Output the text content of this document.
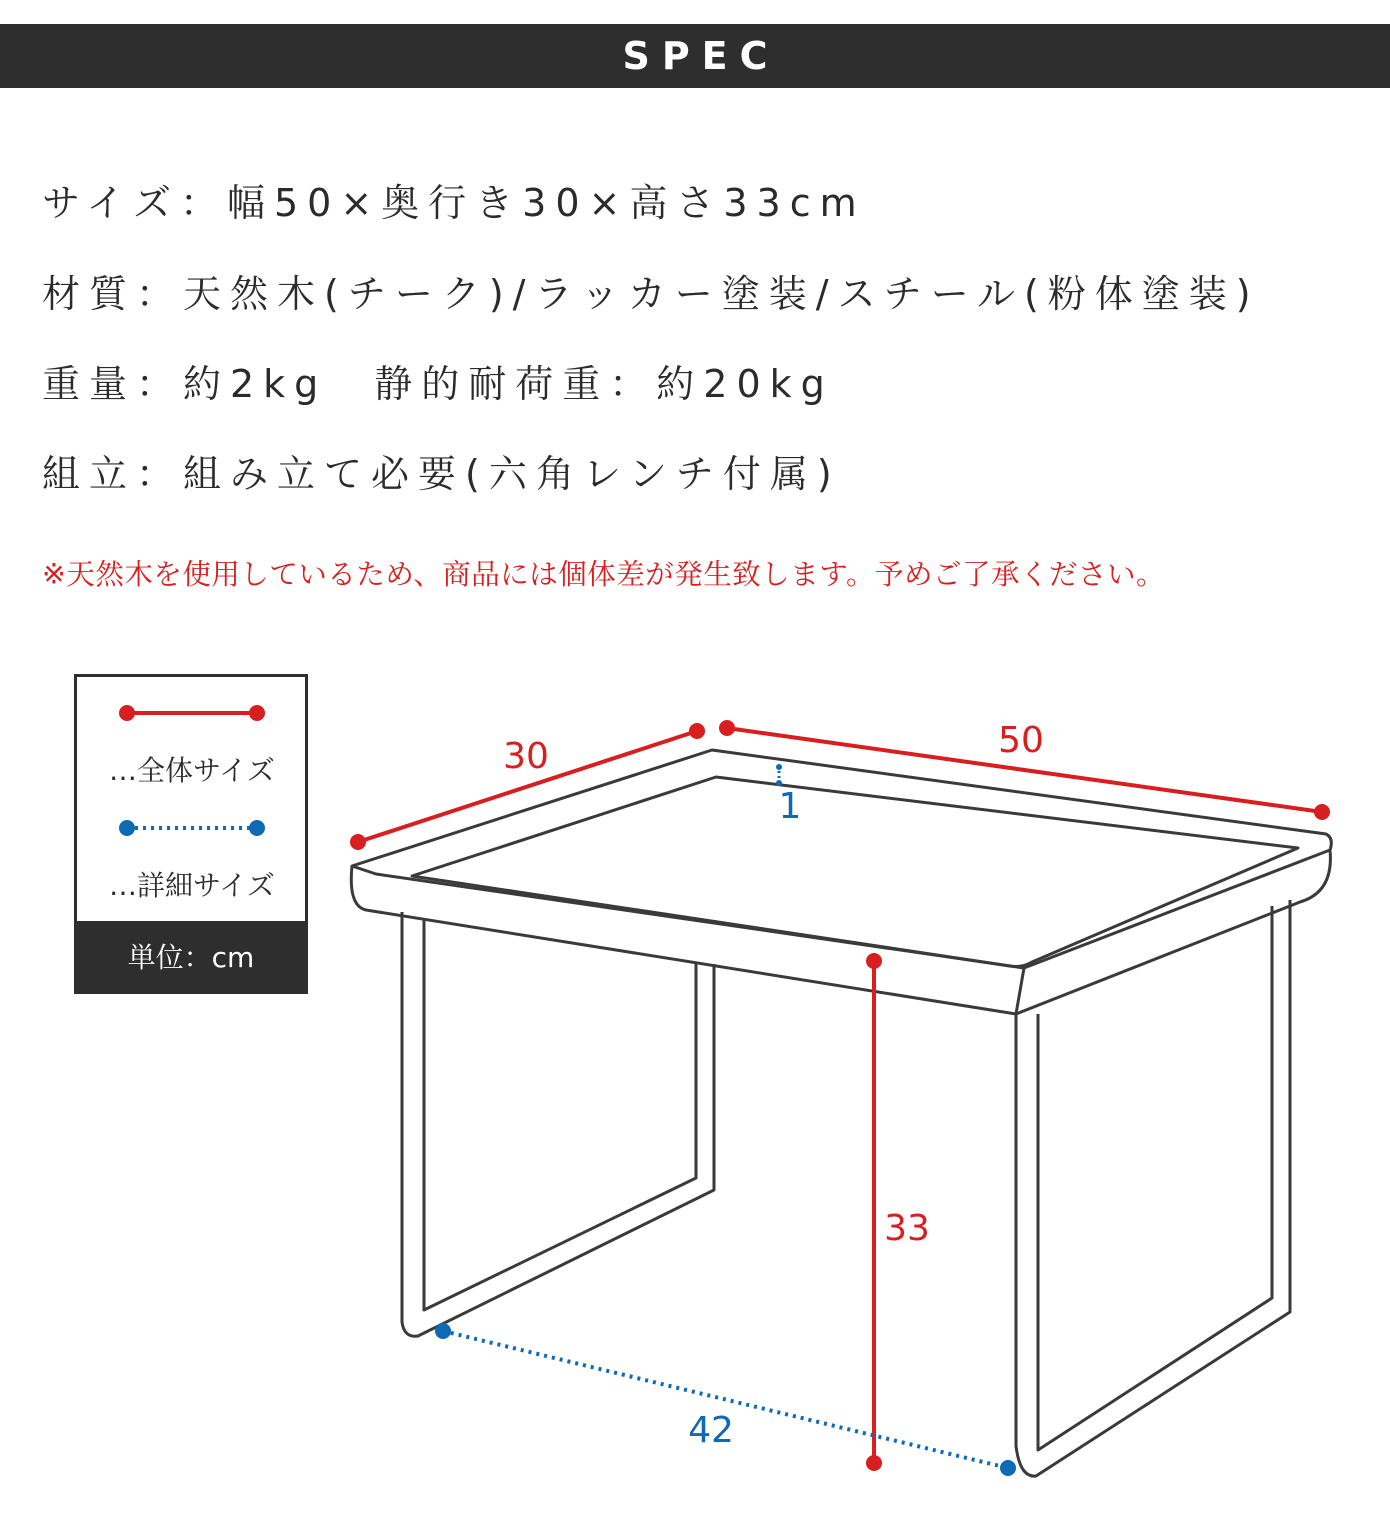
SPEC
サイズ：幅50×奥行き30×高さ33cm
材質：天然木(チーク)/ラッカー塗装/スチール(粉体塗装)
重量：約2kg　静的耐荷重：約20kg
組立：組み立て必要(六角レンチ付属)
※天然木を使用しているため、商品には個体差が発生致します。予めご了承ください。
…全体サイズ
…詳細サイズ
単位：cm
30	50
33
1
42
